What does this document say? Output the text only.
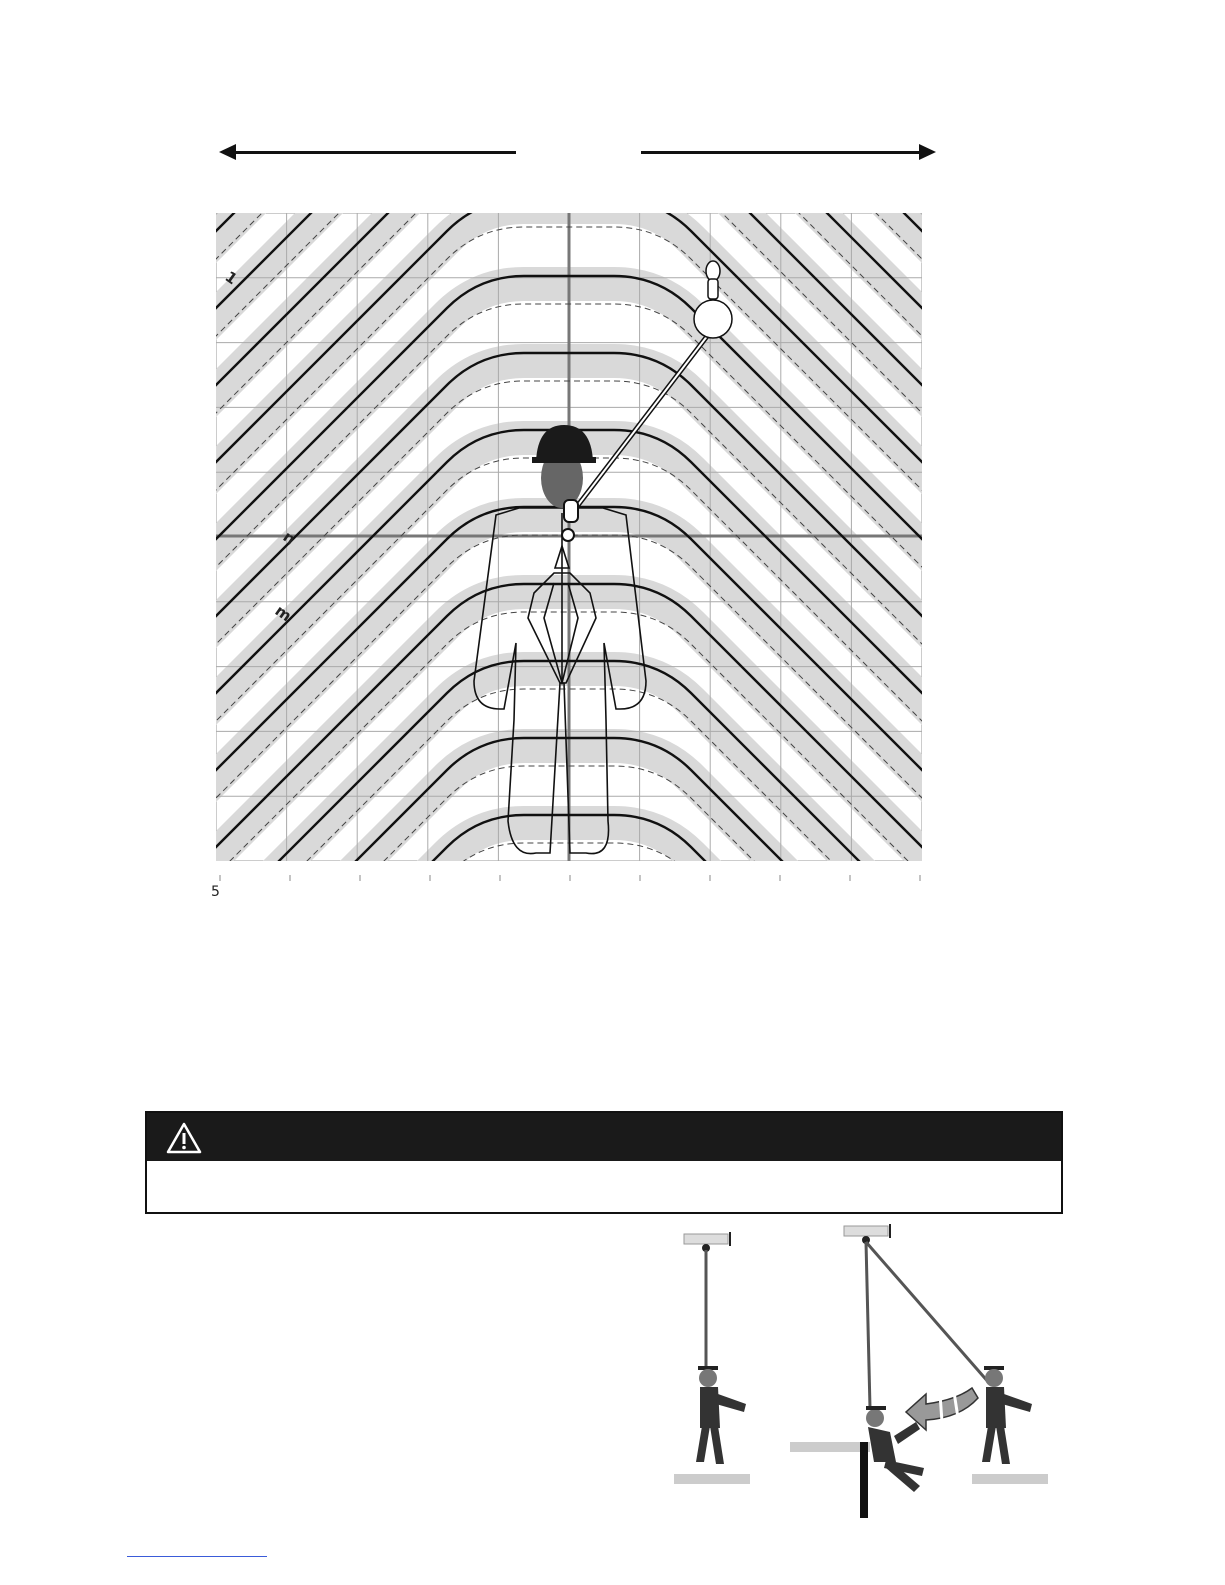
1
n
m
5
